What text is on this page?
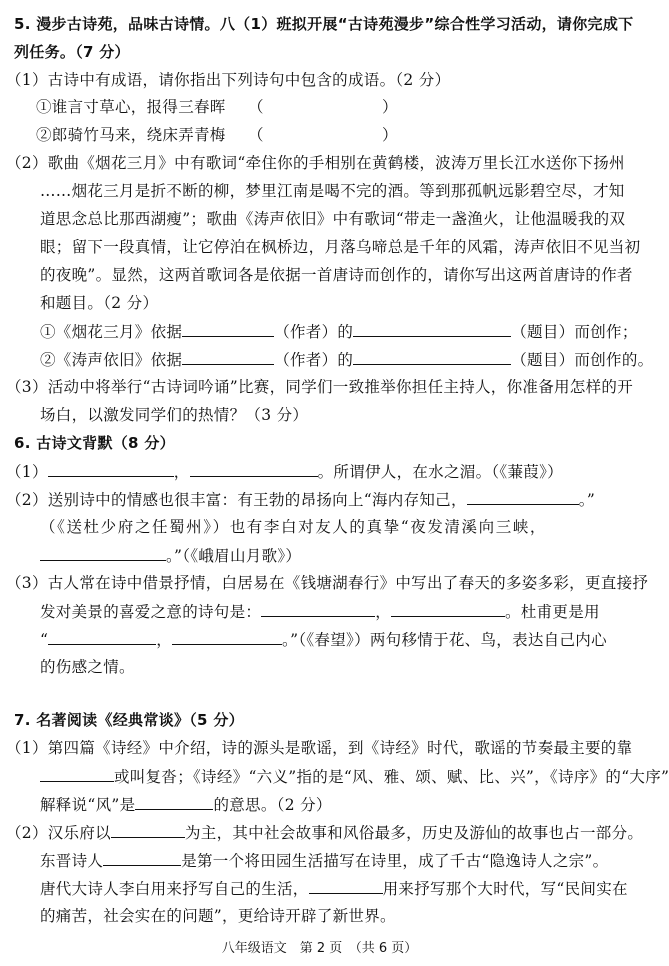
5. 漫步古诗苑，品味古诗情。八（1）班拟开展“古诗苑漫步”综合性学习活动，请你完成下
列任务。（7 分）
（1）古诗中有成语，请你指出下列诗句中包含的成语。（2 分）
①谁言寸草心，报得三春晖 （	）
②郎骑竹马来，绕床弄青梅 （	）
（2）歌曲《烟花三月》中有歌词“牵住你的手相别在黄鹤楼，波涛万里长江水送你下扬州
……烟花三月是折不断的柳，梦里江南是喝不完的酒。等到那孤帆远影碧空尽，才知
道思念总比那西湖瘦”；歌曲《涛声依旧》中有歌词“带走一盏渔火，让他温暖我的双
眼；留下一段真情，让它停泊在枫桥边，月落乌啼总是千年的风霜，涛声依旧不见当初
的夜晚”。显然，这两首歌词各是依据一首唐诗而创作的，请你写出这两首唐诗的作者
和题目。（2 分）
①《烟花三月》依据	（作者）的	（题目）而创作；
②《涛声依旧》依据	（作者）的	（题目）而创作的。
（3）活动中将举行“古诗词吟诵”比赛，同学们一致推举你担任主持人，你准备用怎样的开
场白，以激发同学们的热情？（3 分）
6. 古诗文背默（8 分）
（1）	，	。所谓伊人，在水之湄。（《蒹葭》）
（2）送别诗中的情感也很丰富：有王勃的昂扬向上“海内存知己，	。”
（《送杜少府之任蜀州》）也有李白对友人的真挚“夜发清溪向三峡，
。”（《峨眉山月歌》）
（3）古人常在诗中借景抒情，白居易在《钱塘湖春行》中写出了春天的多姿多彩，更直接抒
发对美景的喜爱之意的诗句是：	，	。杜甫更是用
“	，	。”（《春望》）两句移情于花、鸟，表达自己内心
的伤感之情。
7. 名著阅读《经典常谈》（5 分）
（1）第四篇《诗经》中介绍，诗的源头是歌谣，到《诗经》时代，歌谣的节奏最主要的靠
或叫复沓；《诗经》“六义”指的是“风、雅、颂、赋、比、兴”，《诗序》的“大序”
解释说“风”是	的意思。（2 分）
（2）汉乐府以	为主，其中社会故事和风俗最多，历史及游仙的故事也占一部分。
东晋诗人	是第一个将田园生活描写在诗里，成了千古“隐逸诗人之宗”。
唐代大诗人李白用来抒写自己的生活，	用来抒写那个大时代，写“民间实在
的痛苦，社会实在的问题”，更给诗开辟了新世界。
八年级语文　第 2 页　（共 6 页）
